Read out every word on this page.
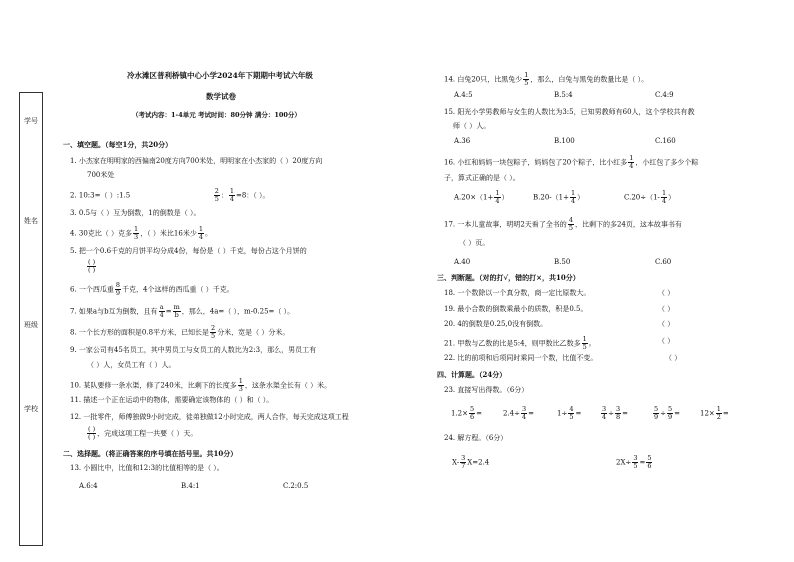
学号
姓名
班级
学校
冷水滩区普利桥镇中心小学2024年下期期中考试六年级
数学试卷
（考试内容：1-4单元 考试时间：80分钟 满分：100分）
一、填空题。（每空1分，共20分）
1. 小杰家在明明家的西偏南20度方向700米处，明明家在小杰家的（ ）20度方向
700米处
2. 10:3=（ ）:1.5	$\frac{2}{5}$ ： $\frac{1}{4} =8$：（ ）。
3. 0.5与（ ）互为倒数，1的倒数是（ ）。
4. 30克比（ ）克多 $\frac{1}{3}$ ，（ ）米比16米少 $\frac{1}{4}$ 。
5. 把一个0.6千克的月饼平均分成4份，每份是（ ）千克，每份占这个月饼的
$\frac{( )}{( )}$
6. 一个西瓜重 $\frac{8}{9}$ 千克，4个这样的西瓜重（ ）千克。
7. 如果a与b互为倒数，且有 $\frac{a}{4} = \frac{m}{b}$ ，那么，4a=（ ），m-0.25=（ ）。
8. 一个长方形的面积是0.8平方米，已知长是 $\frac{2}{5}$ 分米，宽是（ ）分米。
9. 一家公司有45名员工，其中男员工与女员工的人数比为2:3，那么，男员工有
（ ）人，女员工有（ ）人。
10. 某队要修一条水渠，修了240米，比剩下的长度多 $\frac{1}{3}$ ，这条水渠全长有（ ）米。
11. 描述一个正在运动中的物体，需要确定该物体的（ ）和（ ）。
12. 一批零件，师傅独做9小时完成，徒弟独做12小时完成，两人合作，每天完成这项工程
$\frac{( )}{( )}$ ，完成这项工程一共要（ ）天。
二、选择题。（将正确答案的序号填在括号里。共10分）
13. 小圆比中，比值和12:3的比值相等的是（ ）。
A.6:4	B.4:1	C.2:0.5
14. 白兔20只，比黑兔少 $\frac{1}{5}$ ，那么，白兔与黑兔的数量比是（ ）。
A.4:5	B.5:4	C.4:9
15. 阳光小学男教师与女生的人数比为3:5，已知男教师有60人，这个学校共有教
师（ ）人。
A.36	B.100	C.160
16. 小红和妈妈一块包粽子，妈妈包了20个粽子，比小红多 $\frac{1}{4}$ ，小红包了多少个粽
子，算式正确的是（ ）。
$A.20\times(1+ \frac{1}{4}$ ）	$B.20-(1+ \frac{1}{4}$ ）	$C.20\div(1- \frac{1}{4}$ ）
17. 一本儿童故事，明明2天看了全书的 $\frac{4}{5}$ ，比剩下的多24页，这本故事书有
（ ）页。
A.40	B.50	C.60
三、判断题。（对的打√，错的打×，共10分）
18. 一个数除以一个真分数，商一定比原数大。	（ ）
19. 最小合数的倒数乘最小的质数，积是0.5。	（ ）
20. 4的倒数是0.25,0没有倒数。	（ ）
21. 甲数与乙数的比是5:4，则甲数比乙数多 $\frac{1}{5}$ 。	（ ）
22. 比的前项和后项同时乘同一个数，比值不变。	（ ）
四、计算题。（24分）
23. 直接写出得数。（6分）
$1.2\times \frac{5}{6}$ =	$2.4\div \frac{3}{4}$ =	$1\div \frac{4}{5}$ =	$\frac{3}{4} \div \frac{3}{8}$ =	$\frac{5}{9} \div \frac{5}{9}$ =	$12\times \frac{1}{2}$ =
24. 解方程。（6分）
$X- \frac{3}{7} X=2.4$	$2X\div \frac{3}{5} = \frac{5}{6}$
